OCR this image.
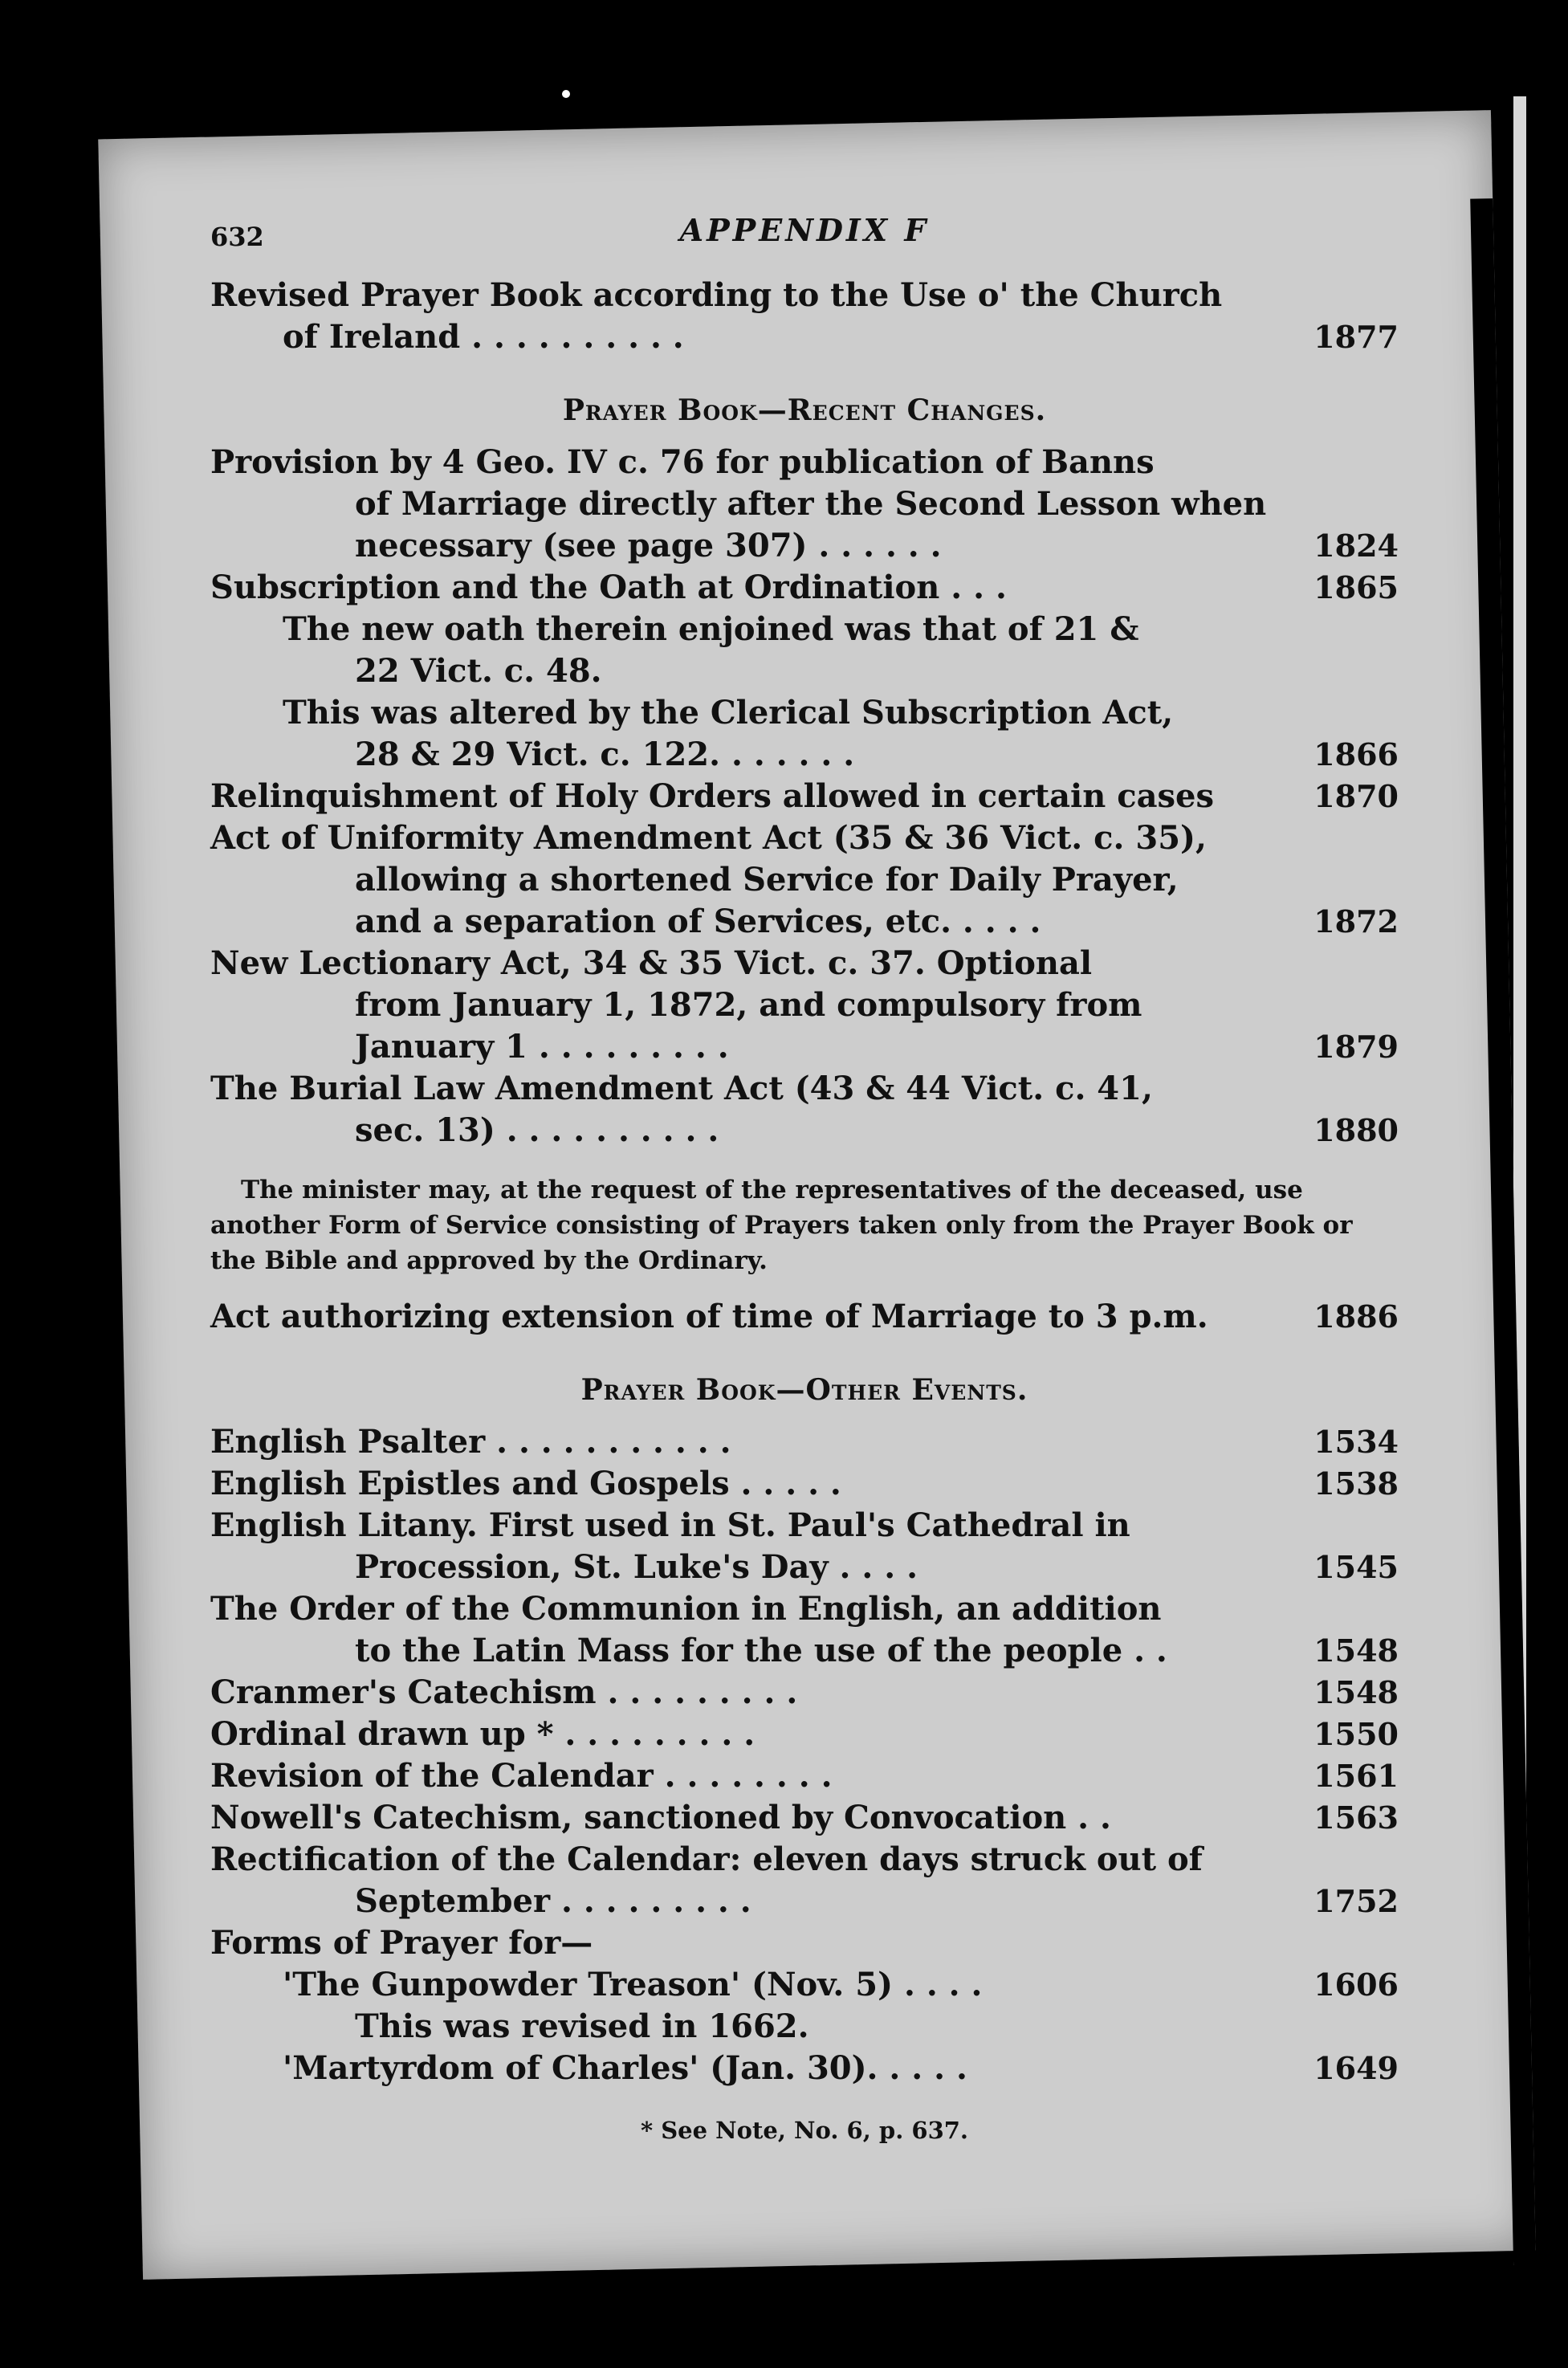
632	APPENDIX F
Revised Prayer Book according to the Use o' the Church
of Ireland . . . . . . . . . .	1877
Prayer Book—Recent Changes.
Provision by 4 Geo. IV c. 76 for publication of Banns
of Marriage directly after the Second Lesson when
necessary (see page 307) . . . . . .	1824
Subscription and the Oath at Ordination . . .	1865
The new oath therein enjoined was that of 21 &
22 Vict. c. 48.
This was altered by the Clerical Subscription Act,
28 & 29 Vict. c. 122. . . . . . .	1866
Relinquishment of Holy Orders allowed in certain cases	1870
Act of Uniformity Amendment Act (35 & 36 Vict. c. 35),
allowing a shortened Service for Daily Prayer,
and a separation of Services, etc. . . . .	1872
New Lectionary Act, 34 & 35 Vict. c. 37. Optional
from January 1, 1872, and compulsory from
January 1 . . . . . . . . .	1879
The Burial Law Amendment Act (43 & 44 Vict. c. 41,
sec. 13) . . . . . . . . . .	1880

The minister may, at the request of the representatives of the deceased, use another Form of Service consisting of Prayers taken only from the Prayer Book or the Bible and approved by the Ordinary.

Act authorizing extension of time of Marriage to 3 p.m.	1886
Prayer Book—Other Events.
English Psalter . . . . . . . . . . .	1534
English Epistles and Gospels . . . . .	1538
English Litany. First used in St. Paul's Cathedral in
Procession, St. Luke's Day . . . .	1545
The Order of the Communion in English, an addition
to the Latin Mass for the use of the people . .	1548
Cranmer's Catechism . . . . . . . . .	1548
Ordinal drawn up * . . . . . . . . .	1550
Revision of the Calendar . . . . . . . .	1561
Nowell's Catechism, sanctioned by Convocation . .	1563
Rectification of the Calendar: eleven days struck out of
September . . . . . . . . .	1752
Forms of Prayer for—
'The Gunpowder Treason' (Nov. 5) . . . .	1606
This was revised in 1662.
'Martyrdom of Charles' (Jan. 30). . . . .	1649
* See Note, No. 6, p. 637.
